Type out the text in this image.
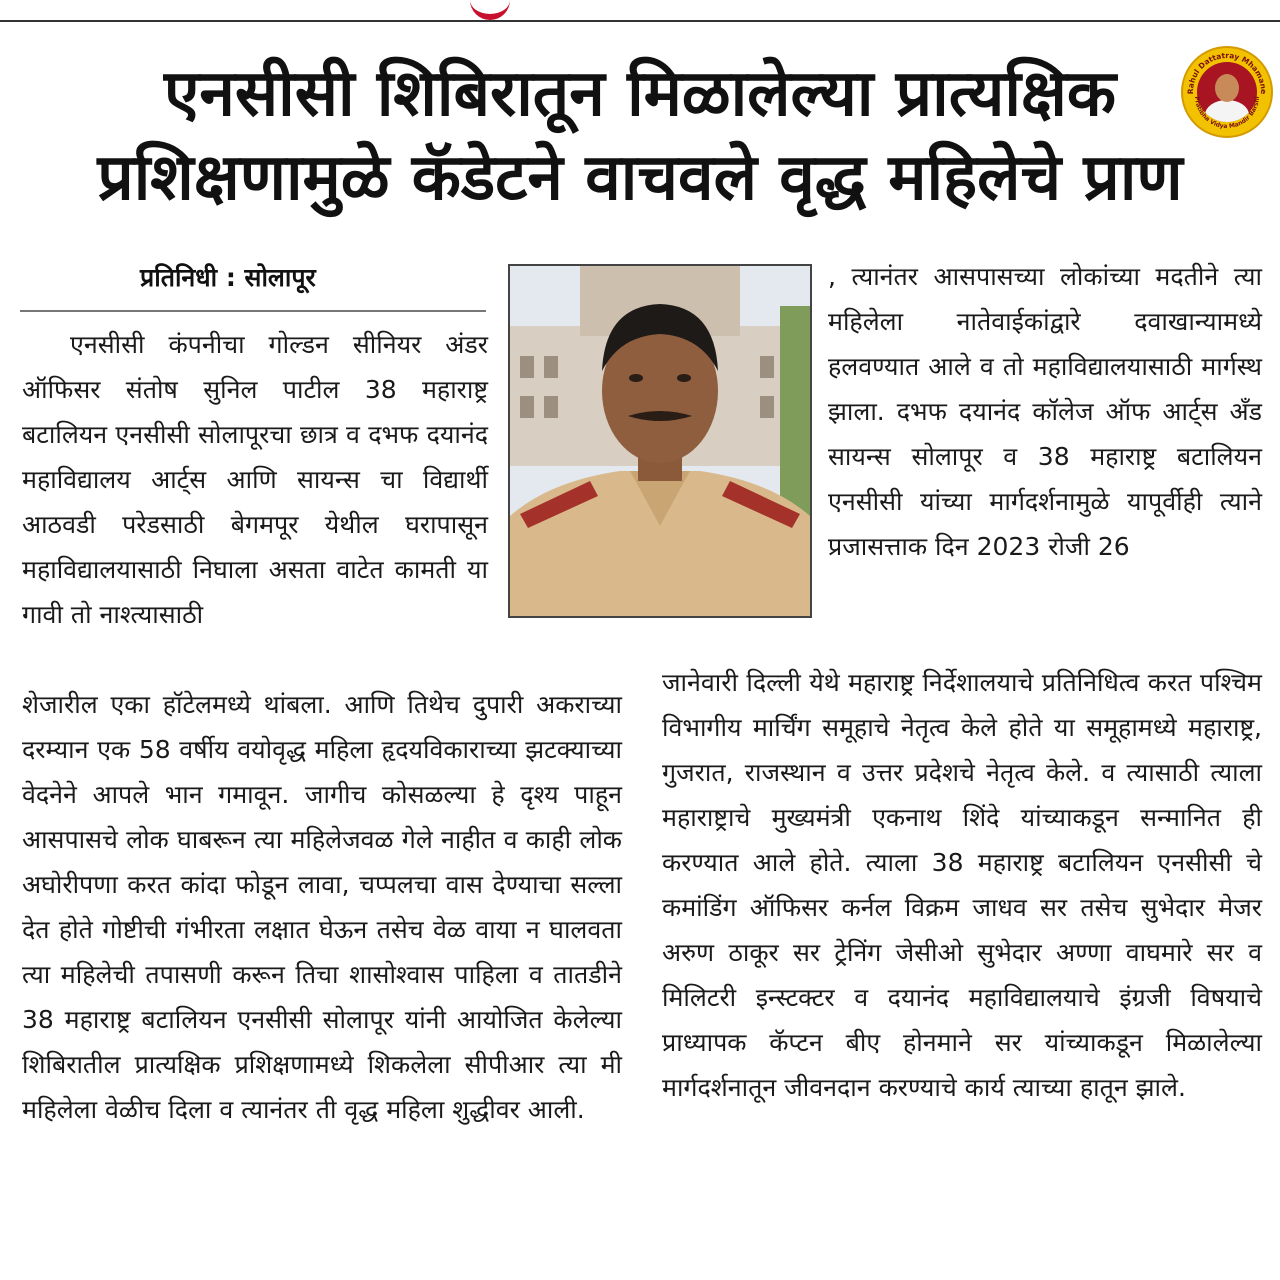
एनसीसी शिबिरातून मिळालेल्या प्रात्यक्षिक
प्रशिक्षणामुळे कॅडेटने वाचवले वृद्ध महिलेचे प्राण
Rahul Dattatray Mhamane
Pratibha Vidya Mandir Barshi
प्रतिनिधी : सोलापूर

एनसीसी कंपनीचा गोल्डन सीनियर अंडर ऑफिसर संतोष सुनिल पाटील 38 महाराष्ट्र बटालियन एनसीसी सोलापूरचा छात्र व दभफ दयानंद महाविद्यालय आर्ट्स आणि सायन्स चा विद्यार्थी आठवडी परेडसाठी बेगमपूर येथील घरापासून महाविद्यालयासाठी निघाला असता वाटेत कामती या गावी तो नाश्त्यासाठी

शेजारील एका हॉटेलमध्ये थांबला. आणि तिथेच दुपारी अकराच्या दरम्यान एक 58 वर्षीय वयोवृद्ध महिला हृदयविकाराच्या झटक्याच्या वेदनेने आपले भान गमावून. जागीच कोसळल्या हे दृश्य पाहून आसपासचे लोक घाबरून त्या महिलेजवळ गेले नाहीत व काही लोक अघोरीपणा करत कांदा फोडून लावा, चप्पलचा वास देण्याचा सल्ला देत होते गोष्टीची गंभीरता लक्षात घेऊन तसेच वेळ वाया न घालवता त्या महिलेची तपासणी करून तिचा शासोश्वास पाहिला व तातडीने 38 महाराष्ट्र बटालियन एनसीसी सोलापूर यांनी आयोजित केलेल्या शिबिरातील प्रात्यक्षिक प्रशिक्षणामध्ये शिकलेला सीपीआर त्या मी महिलेला वेळीच दिला व त्यानंतर ती वृद्ध महिला शुद्धीवर आली.

, त्यानंतर आसपासच्या लोकांच्या मदतीने त्या महिलेला नातेवाईकांद्वारे दवाखान्यामध्ये हलवण्यात आले व तो महाविद्यालयासाठी मार्गस्थ झाला. दभफ दयानंद कॉलेज ऑफ आर्ट्स अँड सायन्स सोलापूर व 38 महाराष्ट्र बटालियन एनसीसी यांच्या मार्गदर्शनामुळे यापूर्वीही त्याने प्रजासत्ताक दिन 2023 रोजी 26

जानेवारी दिल्ली येथे महाराष्ट्र निर्देशालयाचे प्रतिनिधित्व करत पश्चिम विभागीय मार्चिंग समूहाचे नेतृत्व केले होते या समूहामध्ये महाराष्ट्र, गुजरात, राजस्थान व उत्तर प्रदेशचे नेतृत्व केले. व त्यासाठी त्याला महाराष्ट्राचे मुख्यमंत्री एकनाथ शिंदे यांच्याकडून सन्मानित ही करण्यात आले होते. त्याला 38 महाराष्ट्र बटालियन एनसीसी चे कमांडिंग ऑफिसर कर्नल विक्रम जाधव सर तसेच सुभेदार मेजर अरुण ठाकूर सर ट्रेनिंग जेसीओ सुभेदार अण्णा वाघमारे सर व मिलिटरी इन्स्टक्टर व दयानंद महाविद्यालयाचे इंग्रजी विषयाचे प्राध्यापक कॅप्टन बीए होनमाने सर यांच्याकडून मिळालेल्या मार्गदर्शनातून जीवनदान करण्याचे कार्य त्याच्या हातून झाले.
